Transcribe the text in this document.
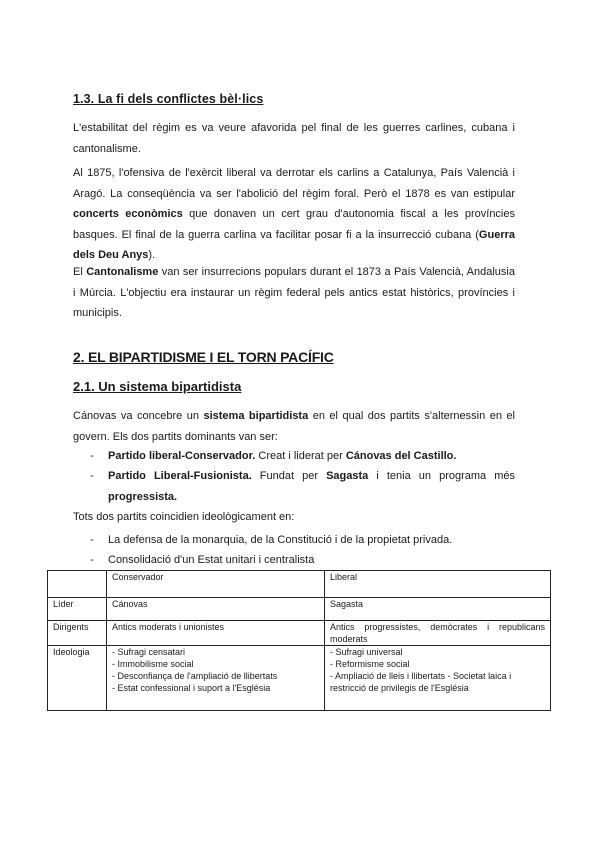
1.3. La fi dels conflictes bèl·lics
L'estabilitat del règim es va veure afavorida pel final de les guerres carlines, cubana i cantonalisme.
Al 1875, l'ofensiva de l'exèrcit liberal va derrotar els carlins a Catalunya, País Valencià i Aragó. La conseqüència va ser l'abolició del règim foral. Però el 1878 es van estipular concerts econòmics que donaven un cert grau d'autonomia fiscal a les províncies basques. El final de la guerra carlina va facilitar posar fi a la insurrecció cubana (Guerra dels Deu Anys).
El Cantonalisme van ser insurrecions populars durant el 1873 a País Valencià, Andalusia i Múrcia. L'objectiu era instaurar un règim federal pels antics estat històrics, províncies i municipis.
2. EL BIPARTIDISME I EL TORN PACÍFIC
2.1. Un sistema bipartidista
Cánovas va concebre un sistema bipartidista en el qual dos partits s'alternessin en el govern. Els dos partits dominants van ser:
- Partido liberal-Conservador. Creat i liderat per Cánovas del Castillo.
- Partido Liberal-Fusionista. Fundat per Sagasta i tenia un programa més progressista.
Tots dos partits coincidien ideològicament en:
- La defensa de la monarquia, de la Constitució i de la propietat privada.
- Consolidació d'un Estat unitari i centralista
	Conservador	Liberal
Líder	Cánovas	Sagasta
Dirigents	Antics moderats i unionistes	Antics progressistes, demòcrates i republicans moderats
Ideologia	- Sufragi censatari
- Immobilisme social
- Desconfiança de l'ampliació de llibertats
- Estat confessional i suport a l'Església	- Sufragi universal
- Reformisme social
- Ampliació de lleis i llibertats - Societat laica i restricció de privilegis de l'Església
